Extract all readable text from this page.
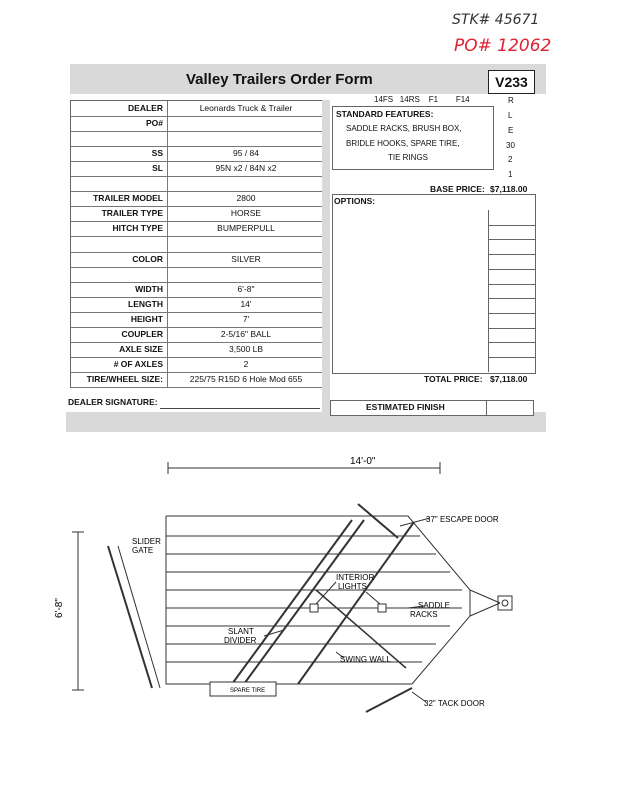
STK# 45671
PO# 12062
Valley Trailers Order Form	V233
DEALER	Leonards Truck & Trailer
PO#
SS	95 / 84
SL	95N x2 / 84N x2
TRAILER MODEL	2800
TRAILER TYPE	HORSE
HITCH TYPE	BUMPERPULL
COLOR	SILVER
WIDTH	6'-8"
LENGTH	14'
HEIGHT	7'
COUPLER	2-5/16" BALL
AXLE SIZE	3,500 LB
# OF AXLES	2
TIRE/WHEEL SIZE:	225/75 R15D 6 Hole Mod 655
14FS 14RS F1 F14
STANDARD FEATURES:
SADDLE RACKS, BRUSH BOX,
BRIDLE HOOKS, SPARE TIRE,
TIE RINGS
R
L
E
30
2
1
BASE PRICE: $7,118.00
OPTIONS:
TOTAL PRICE: $7,118.00
DEALER SIGNATURE:	ESTIMATED FINISH
14'-0"
6'-8"
SLIDER
GATE
37" ESCAPE DOOR
INTERIOR
LIGHTS
SADDLE
RACKS
SLANT
DIVIDER
SWING WALL
SPARE TIRE
32" TACK DOOR
